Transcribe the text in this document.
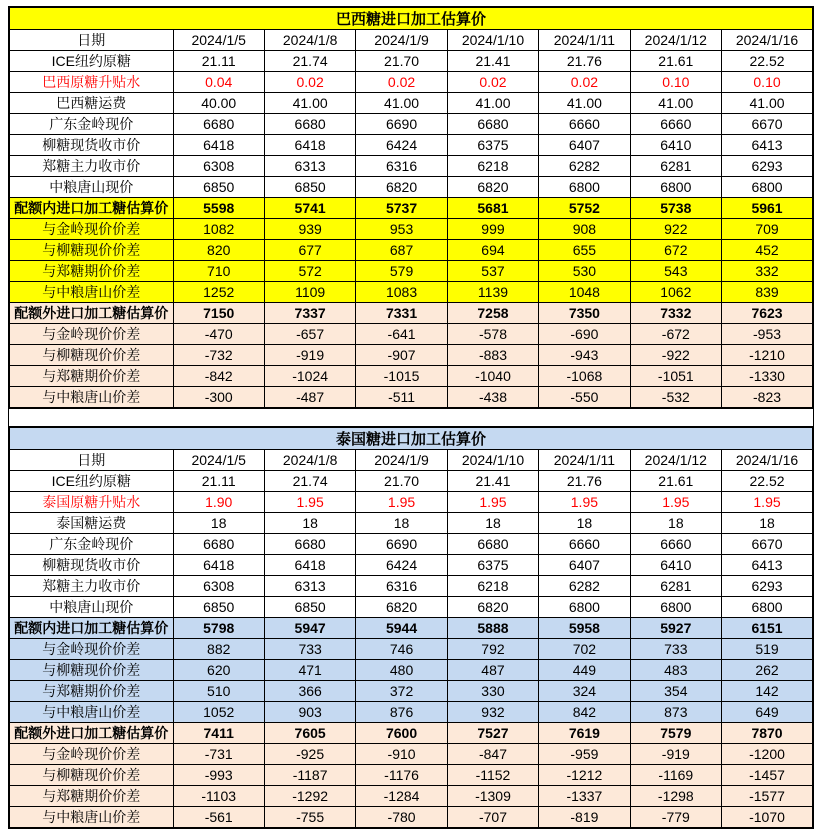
巴西糖进口加工估算价							
日期	2024/1/5	2024/1/8	2024/1/9	2024/1/10	2024/1/11	2024/1/12	2024/1/16
ICE纽约原糖	21.11	21.74	21.70	21.41	21.76	21.61	22.52
巴西原糖升贴水	0.04	0.02	0.02	0.02	0.02	0.10	0.10
巴西糖运费	40.00	41.00	41.00	41.00	41.00	41.00	41.00
广东金岭现价	6680	6680	6690	6680	6660	6660	6670
柳糖现货收市价	6418	6418	6424	6375	6407	6410	6413
郑糖主力收市价	6308	6313	6316	6218	6282	6281	6293
中粮唐山现价	6850	6850	6820	6820	6800	6800	6800
配额内进口加工糖估算价	5598	5741	5737	5681	5752	5738	5961
与金岭现价价差	1082	939	953	999	908	922	709
与柳糖现价价差	820	677	687	694	655	672	452
与郑糖期价价差	710	572	579	537	530	543	332
与中粮唐山价差	1252	1109	1083	1139	1048	1062	839
配额外进口加工糖估算价	7150	7337	7331	7258	7350	7332	7623
与金岭现价价差	-470	-657	-641	-578	-690	-672	-953
与柳糖现价价差	-732	-919	-907	-883	-943	-922	-1210
与郑糖期价价差	-842	-1024	-1015	-1040	-1068	-1051	-1330
与中粮唐山价差	-300	-487	-511	-438	-550	-532	-823
泰国糖进口加工估算价							
日期	2024/1/5	2024/1/8	2024/1/9	2024/1/10	2024/1/11	2024/1/12	2024/1/16
ICE纽约原糖	21.11	21.74	21.70	21.41	21.76	21.61	22.52
泰国原糖升贴水	1.90	1.95	1.95	1.95	1.95	1.95	1.95
泰国糖运费	18	18	18	18	18	18	18
广东金岭现价	6680	6680	6690	6680	6660	6660	6670
柳糖现货收市价	6418	6418	6424	6375	6407	6410	6413
郑糖主力收市价	6308	6313	6316	6218	6282	6281	6293
中粮唐山现价	6850	6850	6820	6820	6800	6800	6800
配额内进口加工糖估算价	5798	5947	5944	5888	5958	5927	6151
与金岭现价价差	882	733	746	792	702	733	519
与柳糖现价价差	620	471	480	487	449	483	262
与郑糖期价价差	510	366	372	330	324	354	142
与中粮唐山价差	1052	903	876	932	842	873	649
配额外进口加工糖估算价	7411	7605	7600	7527	7619	7579	7870
与金岭现价价差	-731	-925	-910	-847	-959	-919	-1200
与柳糖现价价差	-993	-1187	-1176	-1152	-1212	-1169	-1457
与郑糖期价价差	-1103	-1292	-1284	-1309	-1337	-1298	-1577
与中粮唐山价差	-561	-755	-780	-707	-819	-779	-1070
